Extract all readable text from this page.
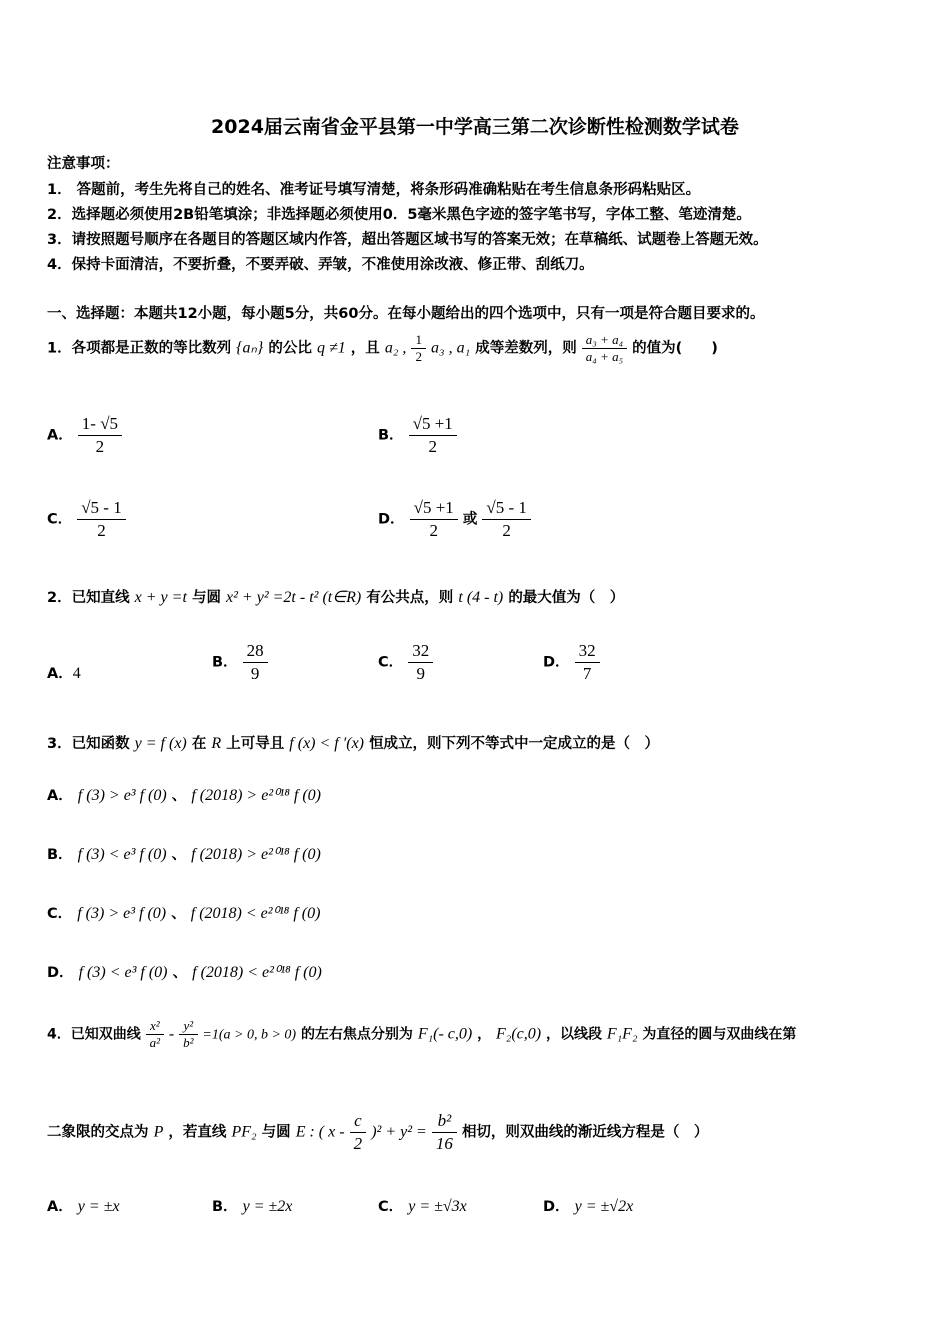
2024届云南省金平县第一中学高三第二次诊断性检测数学试卷
注意事项：
1． 答题前，考生先将自己的姓名、准考证号填写清楚，将条形码准确粘贴在考生信息条形码粘贴区。
2．选择题必须使用2B铅笔填涂；非选择题必须使用0．5毫米黑色字迹的签字笔书写，字体工整、笔迹清楚。
3．请按照题号顺序在各题目的答题区域内作答，超出答题区域书写的答案无效；在草稿纸、试题卷上答题无效。
4．保持卡面清洁，不要折叠，不要弄破、弄皱，不准使用涂改液、修正带、刮纸刀。
一、选择题：本题共12小题，每小题5分，共60分。在每小题给出的四个选项中，只有一项是符合题目要求的。
1．各项都是正数的等比数列 {aₙ} 的公比 q ≠1 ，且 a₂ , $\frac{1}{2} a_3$ , a₁ 成等差数列，则 $\frac{\text{a₃ + a₄}}{\text{a₄ + a₅}}$ 的值为(　　)
A． $\frac{1- √5}{2}$	B． $\frac{√5 +1}{2}$
C． $\frac{√5 - 1}{2}$	D． $\frac{√5 +1}{2}$ 或 $\frac{√5 - 1}{2}$
2．已知直线 x + y =t 与圆 x² + y² =2t - t² (t∈R) 有公共点，则 t (4 - t) 的最大值为（　）
A．4
B． $\frac{28}{9}$	C． $\frac{32}{9}$	D． $\frac{32}{7}$
3．已知函数 y = f (x) 在 R 上可导且 f (x) < f ′(x) 恒成立，则下列不等式中一定成立的是（　）
A． f (3) > e³ f (0) 、 f (2018) > e²⁰¹⁸ f (0)
B． f (3) < e³ f (0) 、 f (2018) > e²⁰¹⁸ f (0)
C． f (3) > e³ f (0) 、 f (2018) < e²⁰¹⁸ f (0)
D． f (3) < e³ f (0) 、 f (2018) < e²⁰¹⁸ f (0)
4．已知双曲线 $\frac{\text{x²}}{\text{a²}} - \frac{\text{y²}}{\text{b²}} =1(a > 0$, b > 0) 的左右焦点分别为 F₁(- c,0) ， F₂(c,0) ，以线段 F₁F₂ 为直径的圆与双曲线在第
二象限的交点为 P ，若直线 PF₂ 与圆 E : ( $x - \frac{c}{2} )^2 + y^2 = \frac{\text{b²}}{16}$ 相切，则双曲线的渐近线方程是（　）
A． y = ±x	B． y = ±2x	C． y = ±√3x	D． y = ±√2x
